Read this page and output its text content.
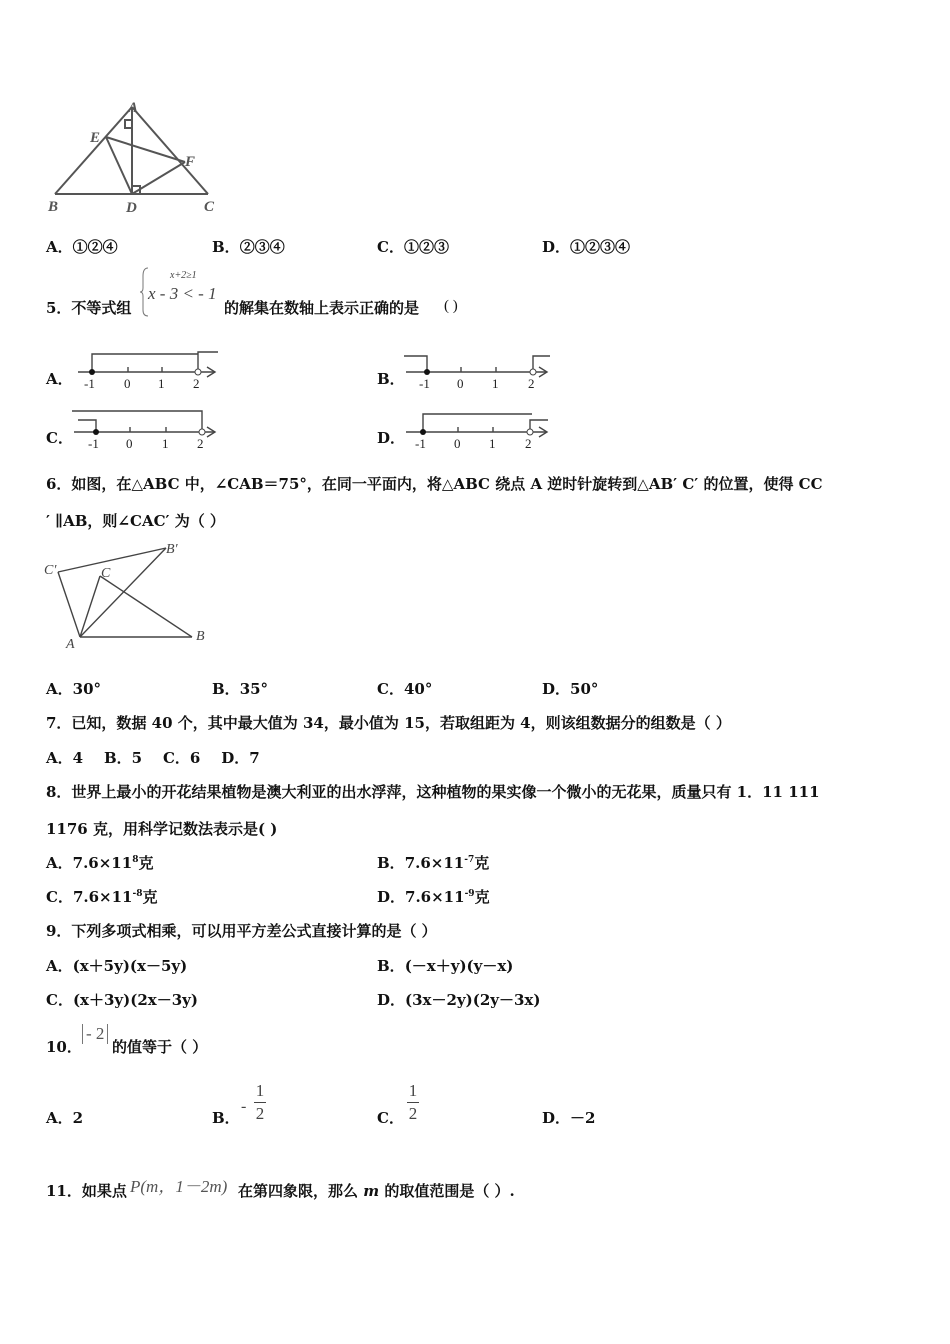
A
E
F
B	D	C
A．①②④	B．②③④	C．①②③	D．①②③④
5．不等式组
x+2≥1
x - 3 < - 1
的解集在数轴上表示正确的是 ( )
A． -1 0 1 2	B． -1 0 1 2
C． -1 0 1 2	D． -1 0 1 2
6．如图，在△ABC 中，∠CAB＝75°，在同一平面内，将△ABC 绕点 A 逆时针旋转到△AB′ C′ 的位置，使得 CC
′ ∥AB，则∠CAC′ 为（ ）
C′
B′
C
A
B
A．30°	B．35°	C．40°	D．50°
7．已知，数据 40 个，其中最大值为 34，最小值为 15，若取组距为 4，则该组数据分的组数是（ ）
A．4    B．5    C．6    D．7
8．世界上最小的开花结果植物是澳大利亚的出水浮萍，这种植物的果实像一个微小的无花果，质量只有 1．11 111
1176 克，用科学记数法表示是( )
A．$7.6\times 11^8$克	B．$7.6\times 11^{-7}$克
C．$7.6\times 11^{-8}$克	D．$7.6\times 11^{-9}$克
9．下列多项式相乘，可以用平方差公式直接计算的是（ ）
A．(x＋5y)(x－5y)	B．(－x＋y)(y－x)
C．(x＋3y)(2x－3y)	D．(3x－2y)(2y－3x)
10．
- 2
的值等于（ ）
A．2	B．
-
1
2	C．
1
2	D．－2
11．如果点 P(m，1－2m) 在第四象限，那么 m 的取值范围是（ ）.
